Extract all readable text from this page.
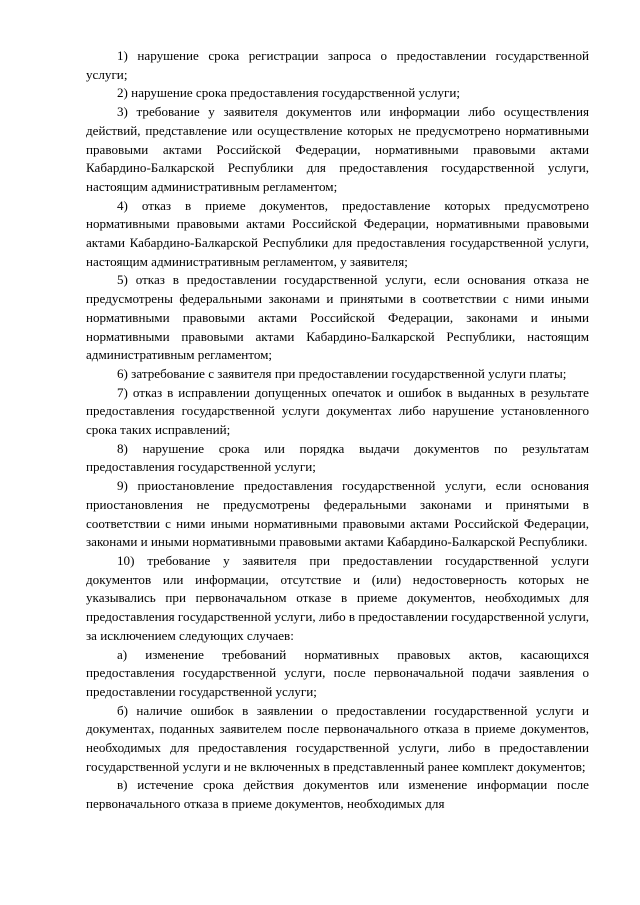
1) нарушение срока регистрации запроса о предоставлении государственной услуги;

2) нарушение срока предоставления государственной услуги;

3) требование у заявителя документов или информации либо осуществления действий, представление или осуществление которых не предусмотрено нормативными правовыми актами Российской Федерации, нормативными правовыми актами Кабардино-Балкарской Республики для предоставления государственной услуги, настоящим административным регламентом;

4) отказ в приеме документов, предоставление которых предусмотрено нормативными правовыми актами Российской Федерации, нормативными правовыми актами Кабардино-Балкарской Республики для предоставления государственной услуги, настоящим административным регламентом, у заявителя;

5) отказ в предоставлении государственной услуги, если основания отказа не предусмотрены федеральными законами и принятыми в соответствии с ними иными нормативными правовыми актами Российской Федерации, законами и иными нормативными правовыми актами Кабардино-Балкарской Республики, настоящим административным регламентом;

6) затребование с заявителя при предоставлении государственной услуги платы;

7) отказ в исправлении допущенных опечаток и ошибок в выданных в результате предоставления государственной услуги документах либо нарушение установленного срока таких исправлений;

8) нарушение срока или порядка выдачи документов по результатам предоставления государственной услуги;

9) приостановление предоставления государственной услуги, если основания приостановления не предусмотрены федеральными законами и принятыми в соответствии с ними иными нормативными правовыми актами Российской Федерации, законами и иными нормативными правовыми актами Кабардино-Балкарской Республики.

10) требование у заявителя при предоставлении государственной услуги документов или информации, отсутствие и (или) недостоверность которых не указывались при первоначальном отказе в приеме документов, необходимых для предоставления государственной услуги, либо в предоставлении государственной услуги, за исключением следующих случаев:

а) изменение требований нормативных правовых актов, касающихся предоставления государственной услуги, после первоначальной подачи заявления о предоставлении государственной услуги;

б) наличие ошибок в заявлении о предоставлении государственной услуги и документах, поданных заявителем после первоначального отказа в приеме документов, необходимых для предоставления государственной услуги, либо в предоставлении государственной услуги и не включенных в представленный ранее комплект документов;

в) истечение срока действия документов или изменение информации после первоначального отказа в приеме документов, необходимых для
